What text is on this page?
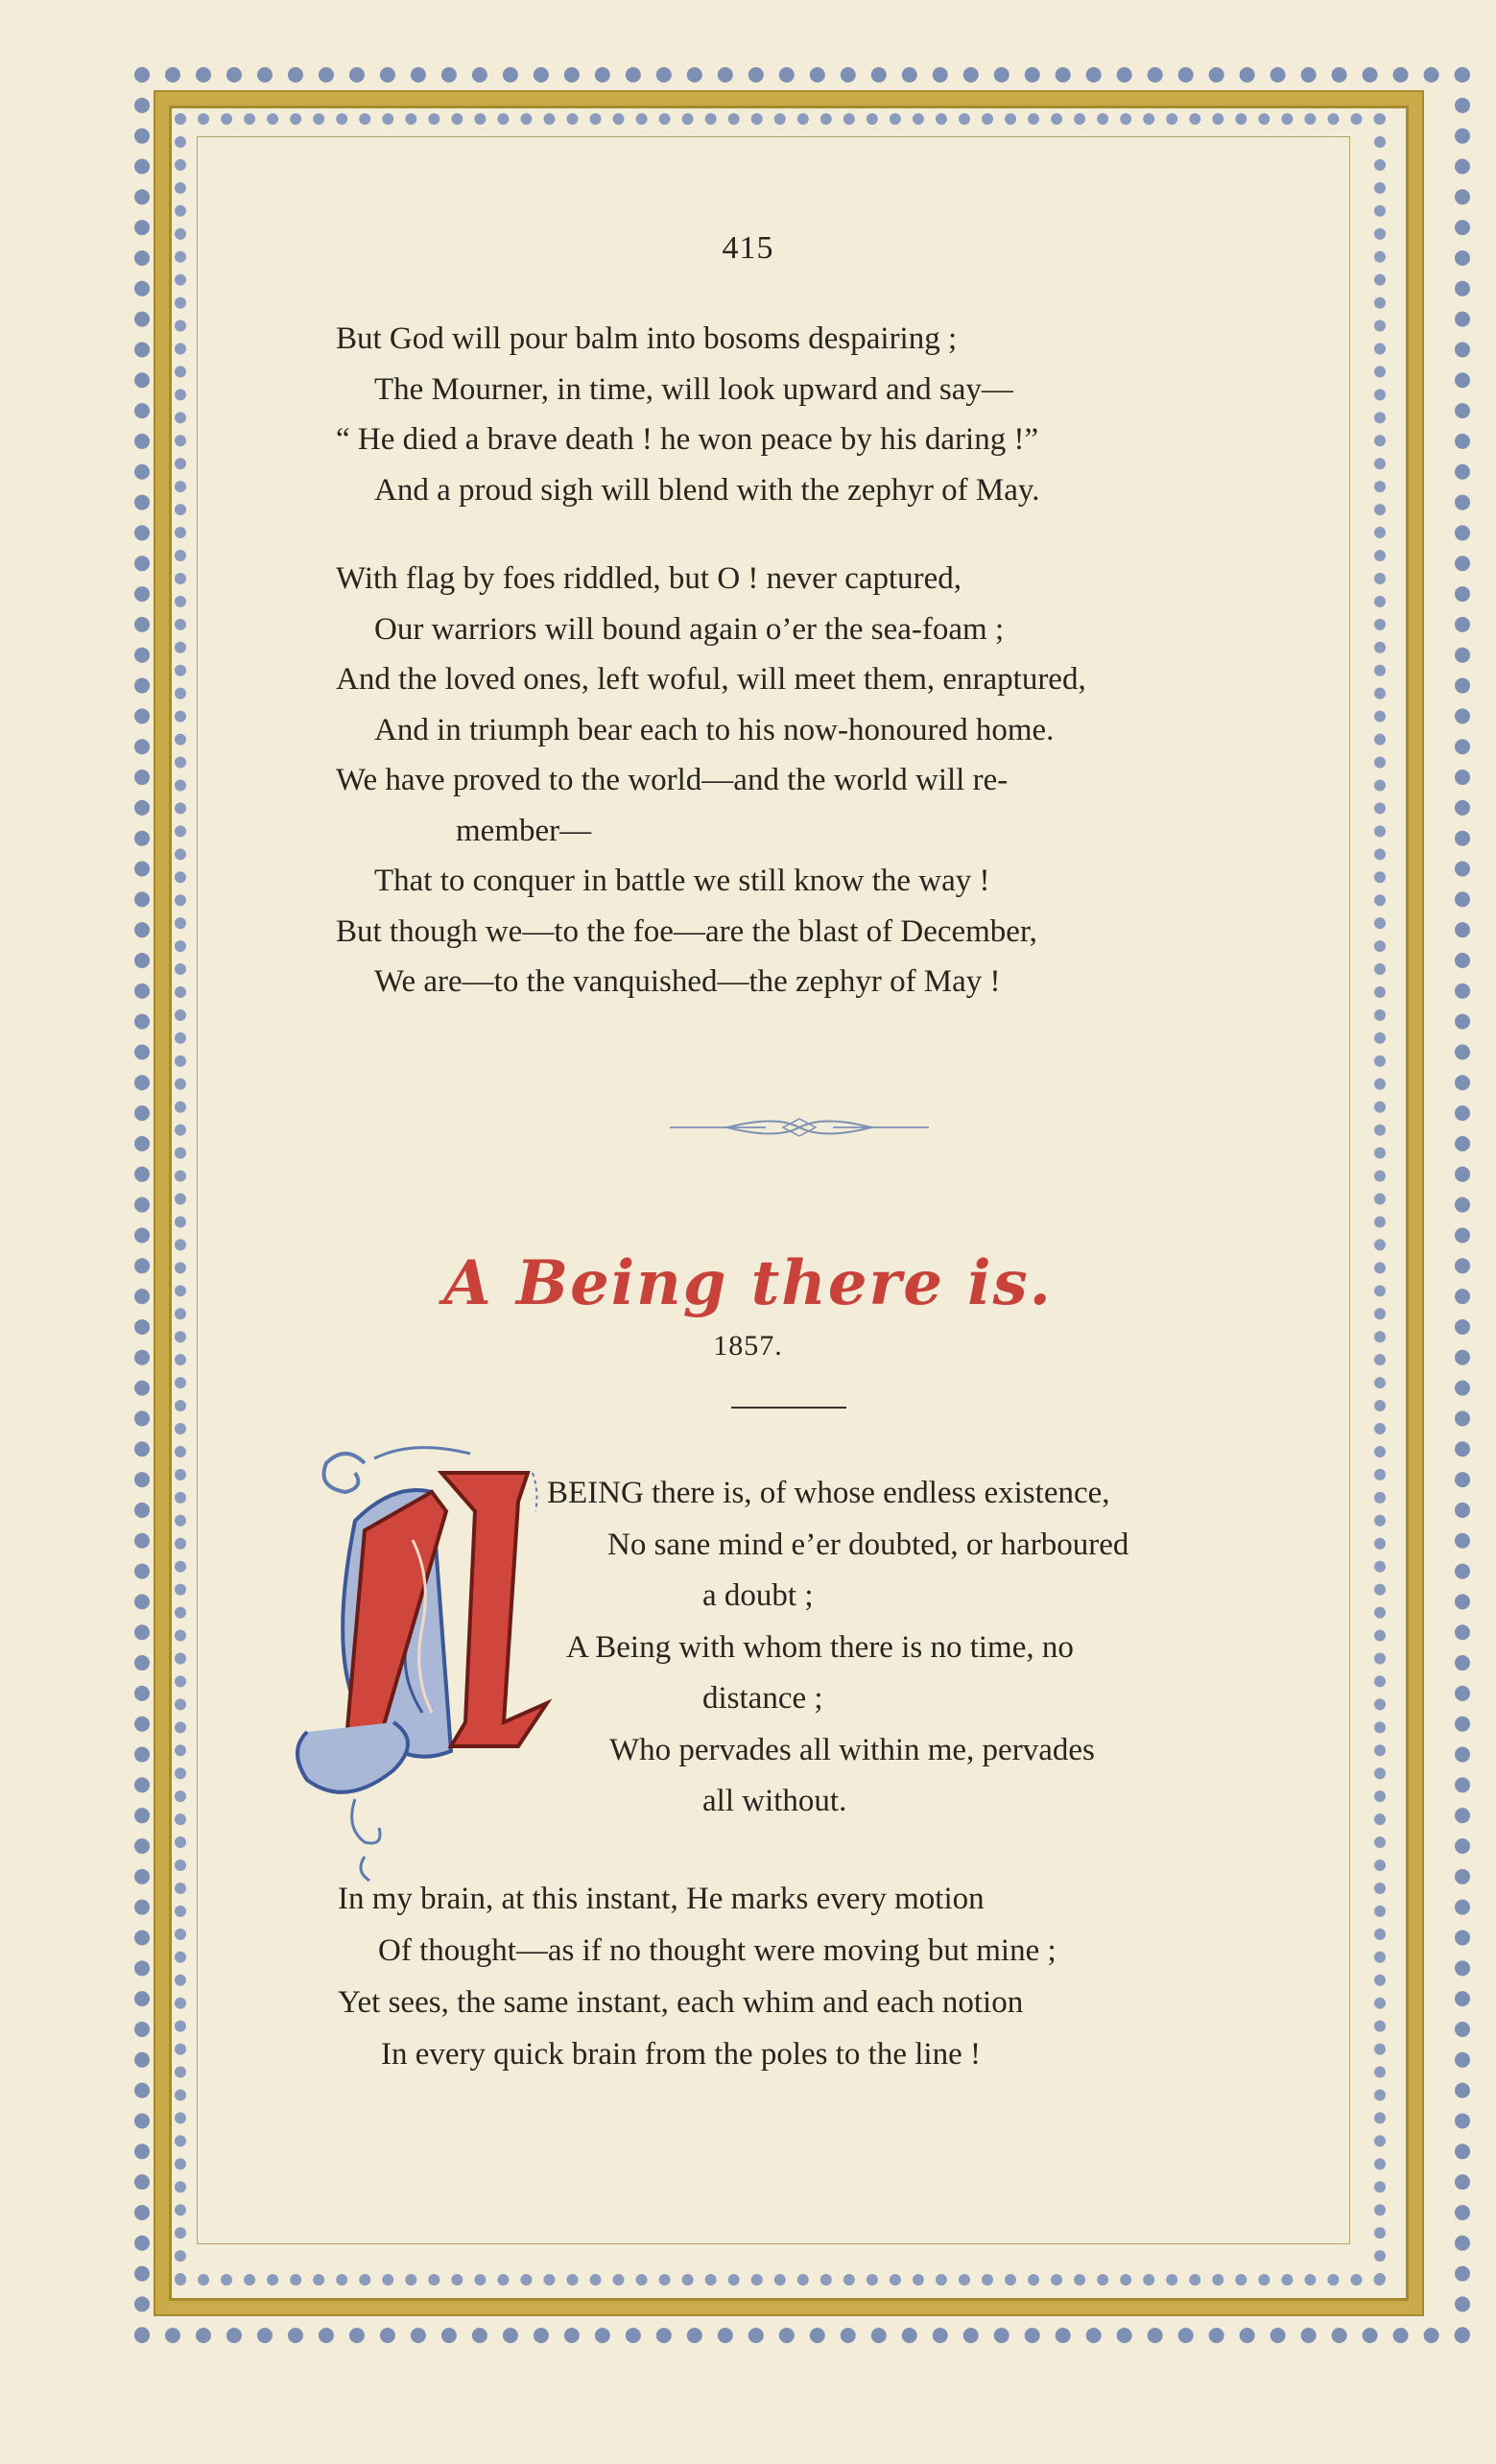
415
But God will pour balm into bosoms despairing ;
The Mourner, in time, will look upward and say—
“ He died a brave death ! he won peace by his daring !”
And a proud sigh will blend with the zephyr of May.
With flag by foes riddled, but O ! never captured,
Our warriors will bound again o’er the sea-foam ;
And the loved ones, left woful, will meet them, enraptured,
And in triumph bear each to his now-honoured home.
We have proved to the world—and the world will re-
member—
That to conquer in battle we still know the way !
But though we—to the foe—are the blast of December,
We are—to the vanquished—the zephyr of May !
A Being there is.
1857.
BEING there is, of whose endless existence,
No sane mind e’er doubted, or harboured
a doubt ;
A Being with whom there is no time, no
distance ;
Who pervades all within me, pervades
all without.
In my brain, at this instant, He marks every motion
Of thought—as if no thought were moving but mine ;
Yet sees, the same instant, each whim and each notion
In every quick brain from the poles to the line !
